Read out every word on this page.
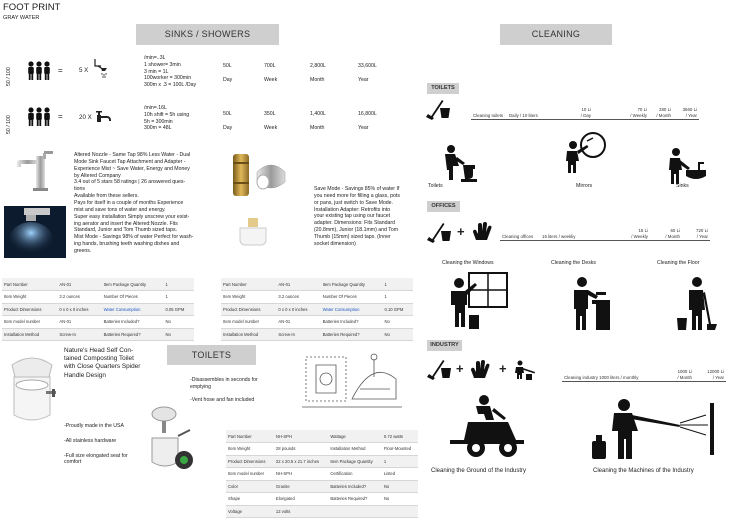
FOOT PRINT
GRAY WATER
SINKS / SHOWERS
50 / 100	=	5 X
/min=..3L
1 shower= 3min
3 min = 1L
100worker = 300min
300m x .3 = 100L /Day
50L
Day
700L
Week
2,800L
Month
33,600L
Year
50 / 100	=	20 X
/min=.16L
10h shift = 5h using
5h = 300min
300m = 48L
50L
Day
350L
Week
1,400L
Month
16,800L
Year
Altered Nozzle - Same Tap 98% Less Water - Dual
Mode Sink Faucet Tap Attachment and Adapter -
Experience Mist ~ Save Water, Energy and Money
by Altered Company
3.4 out of 5 stars 58 ratings | 26 answered ques-
tions
Available from these sellers.
Pays for itself in a couple of months Experience
mist and save tons of water and energy.
Super easy installation Simply unscrew your exist-
ing aerator and insert the Altered:Nozzle. Fits
Standard, Junior and Tom Thumb sized taps.
Mist Mode - Savings 98% of water Perfect for wash-
ing hands, brushing teeth washing dishes and
greens.
Save Mode - Savings 85% of water If
you need more for filling a glass, pots
or pans, just switch to Save Mode.
Installation Adapter: Retrofits into
your existing tap using our faucet
adapter. Dimensions: Fits Standard
(20.8mm), Junior (18.1mm) and Tom
Thumb (15mm) sized taps. (Inner
socket dimension)
Part Number	AN-01	Item Package Quantity	1
Item Weight	3.2 ounces	Number Of Pieces	1
Product Dimensions	0 x 0 x 0 inches	Water Consumption	0.05 GPM
Item model number	AN-01	Batteries Included?	No
Installation Method	Screw-In	Batteries Required?	No
Part Number	AN-01	Item Package Quantity	1
Item Weight	3.2 ounces	Number Of Pieces	1
Product Dimensions	0 x 0 x 0 inches	Water Consumption	0.10 GPM
Item model number	AN-01	Batteries Included?	No
Installation Method	Screw-In	Batteries Required?	No
TOILETS
Nature's Head Self Con-
tained Composting Toilet
with Close Quarters Spider
Handle Design
-Proudly made in the USA
-All stainless hardware
-Full size elongated seat for
comfort
-Disassembles in seconds for
emptying
-Vent hose and fan included
Part Number	NH-SPH	Wattage	0.72 watts
Item Weight	28 pounds	Installation Method	Floor-Mounted
Product Dimensions	22 x 20.5 x 21.7 inches	Item Package Quantity	1
Item model number	NH-SPH	Certification	Listed
Color	Granite	Batteries Included?	No
Shape	Elongated	Batteries Required?	No
Voltage	12 volts		
CLEANING
TOILETS
Cleaning toilets	Daily / 10 liters
10 Li
/ Day
70 Li
/ Weekly
280 Li
/ Month
3660 Li
/ Year
Toilets	Mirrors	Sinks
OFFICES
+	Cleaning offices	15 liters / weekliy
15 Li
/ Weekly
60 Li
/ Month
720 Li
/ Year
Cleaning the Windows	Cleaning the Desks	Cleaning the Floor
INDUSTRY
+	+
Cleaning industry 1000 liters / monthly
1000 Li
/ Month
12000 Li
/ Year
Cleaning the Ground of the Industry	Cleaning the Machines of the Industry
